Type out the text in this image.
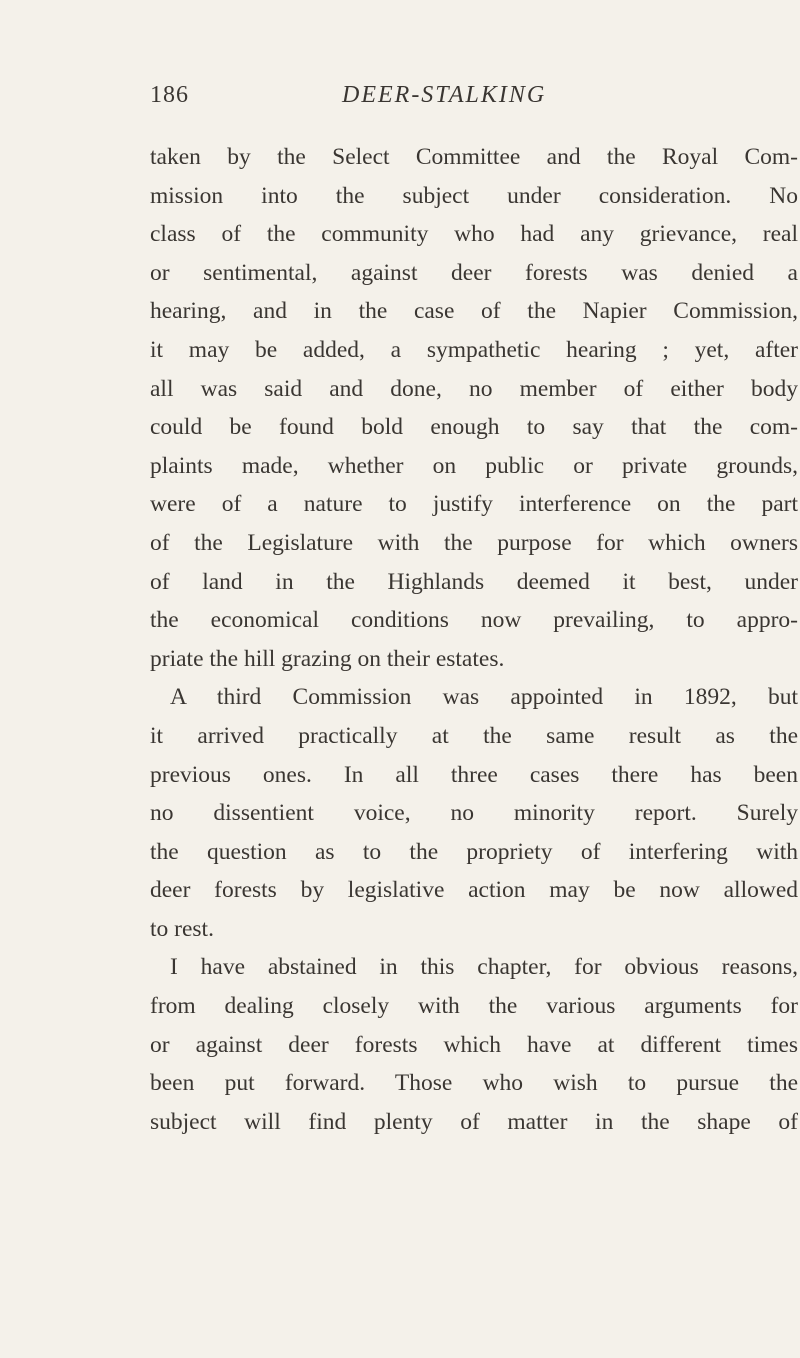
186	DEER-STALKING
taken by the Select Committee and the Royal Com-
mission into the subject under consideration. No
class of the community who had any grievance, real
or sentimental, against deer forests was denied a
hearing, and in the case of the Napier Commission,
it may be added, a sympathetic hearing ; yet, after
all was said and done, no member of either body
could be found bold enough to say that the com-
plaints made, whether on public or private grounds,
were of a nature to justify interference on the part
of the Legislature with the purpose for which owners
of land in the Highlands deemed it best, under
the economical conditions now prevailing, to appro-
priate the hill grazing on their estates.
A third Commission was appointed in 1892, but
it arrived practically at the same result as the
previous ones. In all three cases there has been
no dissentient voice, no minority report. Surely
the question as to the propriety of interfering with
deer forests by legislative action may be now allowed
to rest.
I have abstained in this chapter, for obvious reasons,
from dealing closely with the various arguments for
or against deer forests which have at different times
been put forward. Those who wish to pursue the
subject will find plenty of matter in the shape of
